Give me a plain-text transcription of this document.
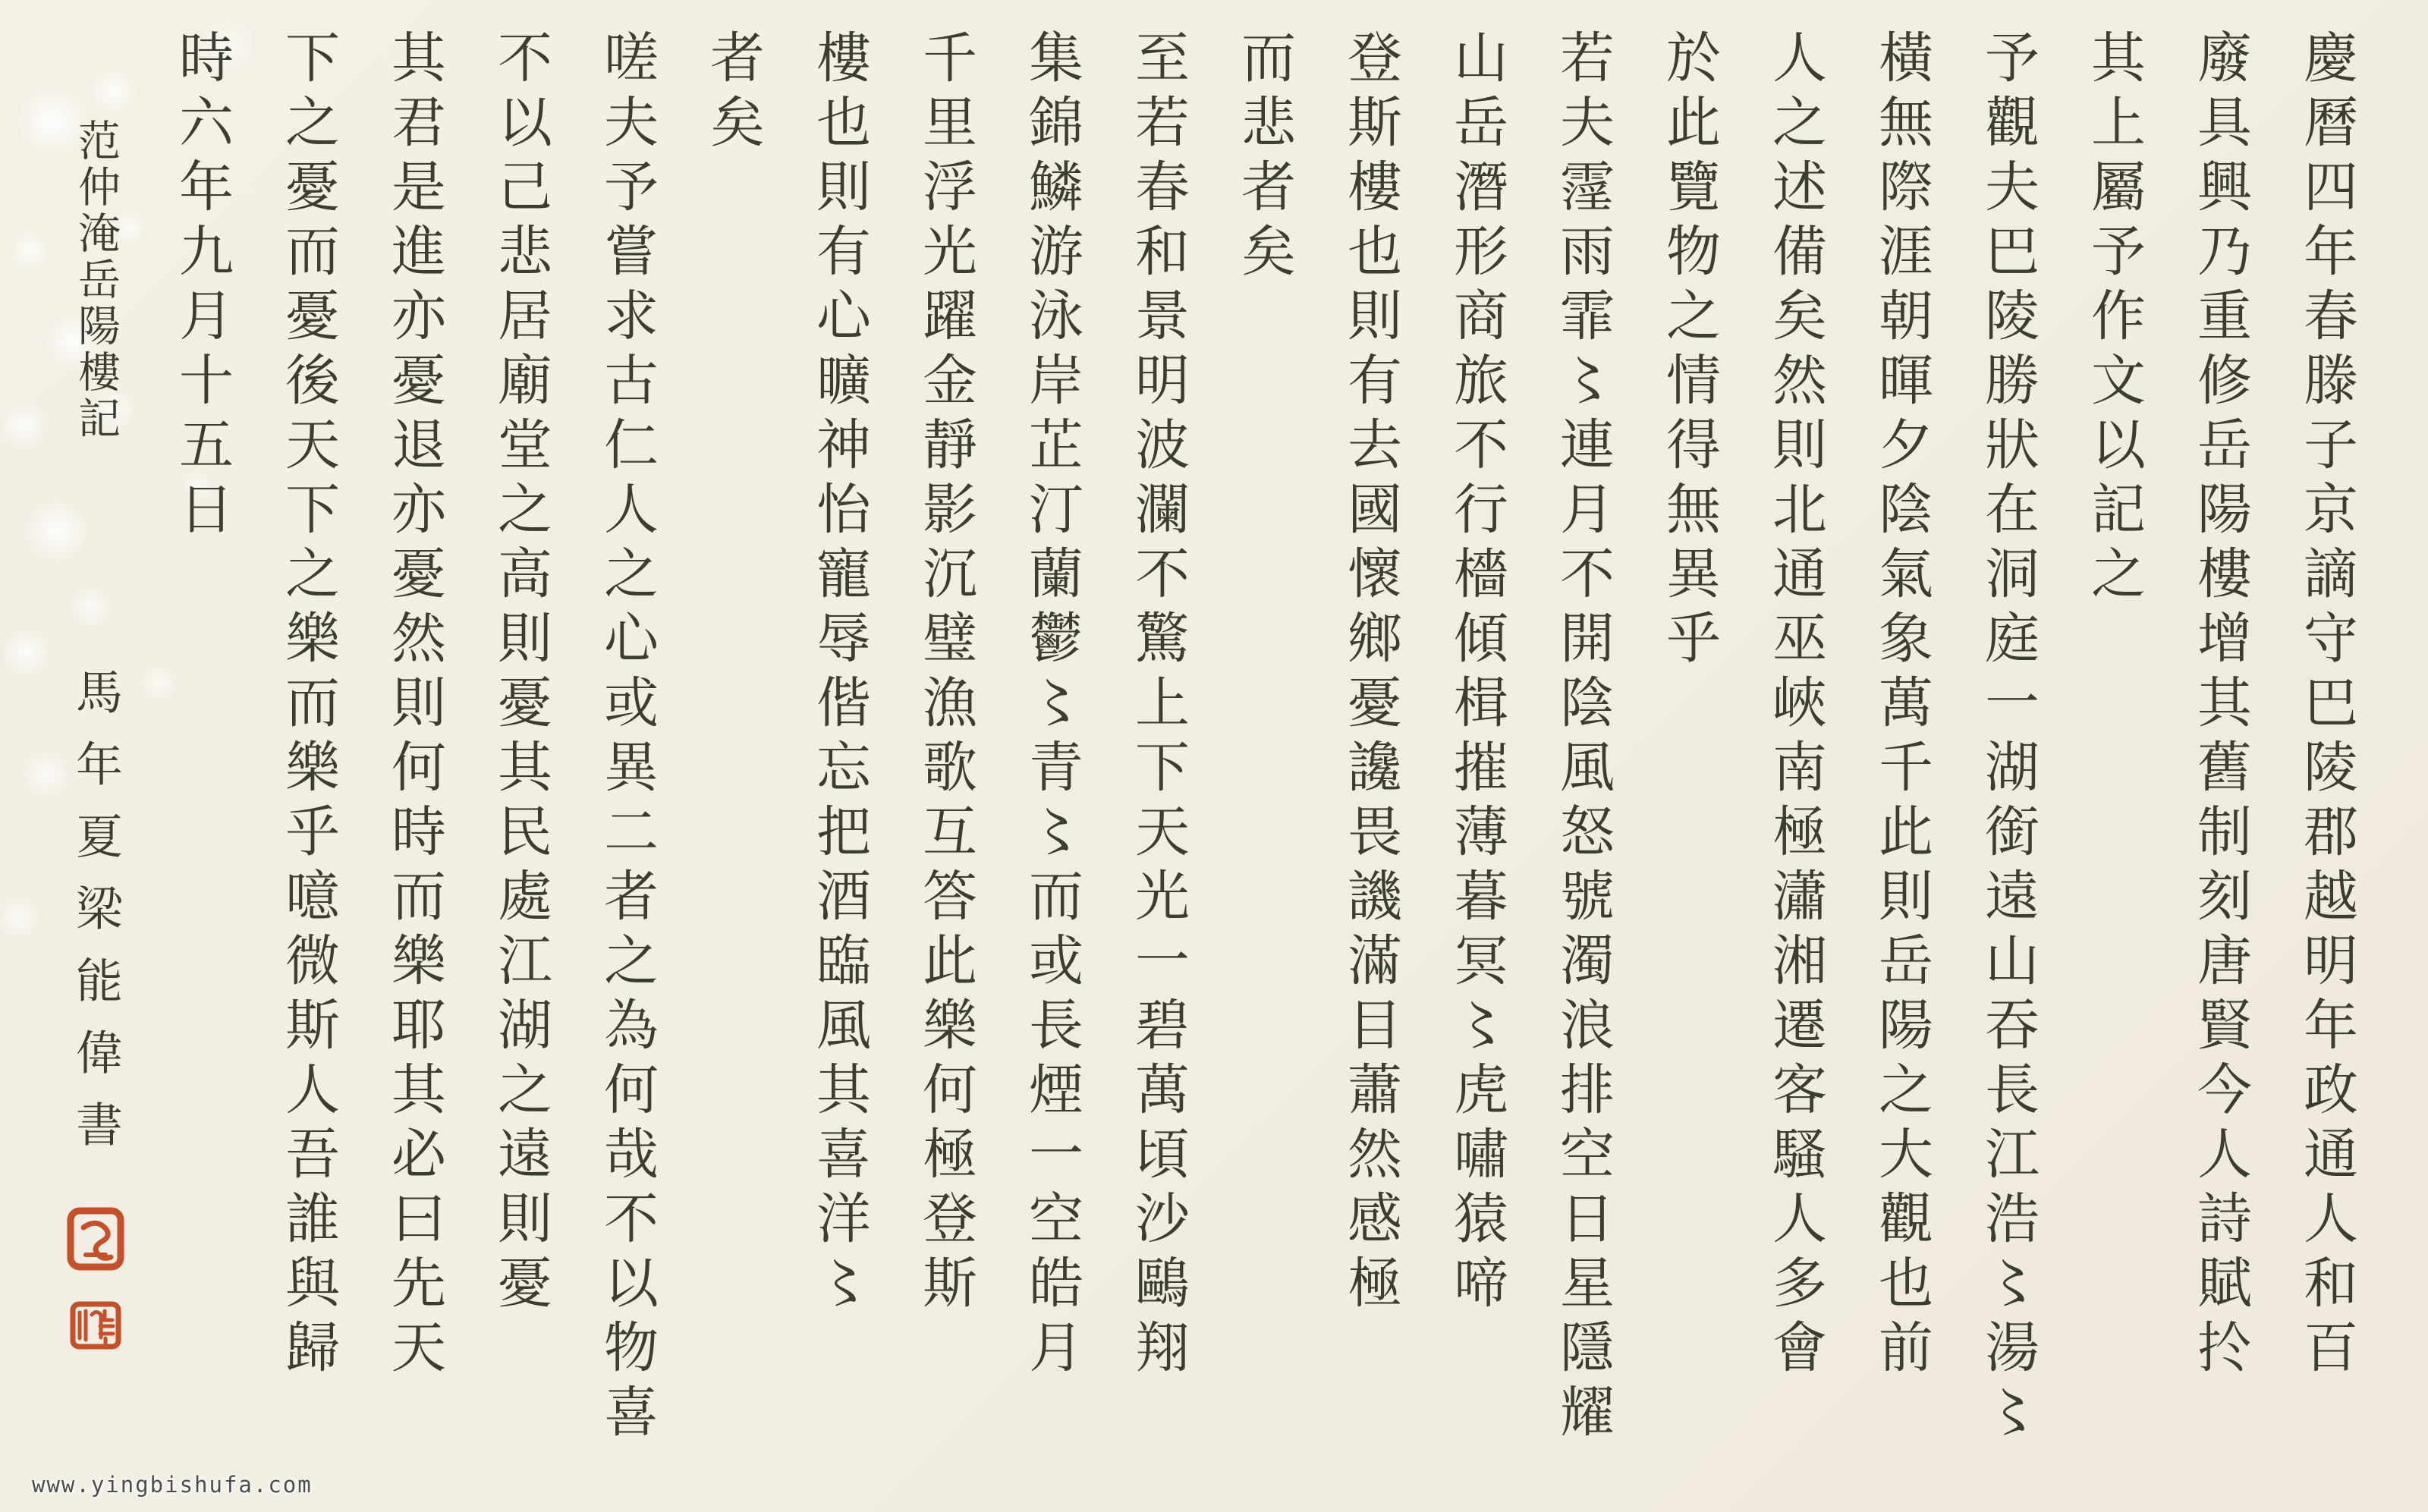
慶曆四年春滕子京謫守巴陵郡越明年政通人和百
廢具興乃重修岳陽樓增其舊制刻唐賢今人詩賦扵
其上屬予作文以記之
予觀夫巴陵勝狀在洞庭一湖銜遠山吞長江浩〻湯〻
橫無際涯朝暉夕陰氣象萬千此則岳陽之大觀也前
人之述備矣然則北通巫峽南極瀟湘遷客騷人多會
於此覽物之情得無異乎
若夫霪雨霏〻連月不開陰風怒號濁浪排空日星隱耀
山岳潛形商旅不行檣傾楫摧薄暮冥〻虎嘯猿啼
登斯樓也則有去國懷鄉憂讒畏譏滿目蕭然感極
而悲者矣
至若春和景明波瀾不驚上下天光一碧萬頃沙鷗翔
集錦鱗游泳岸芷汀蘭鬱〻青〻而或長煙一空皓月
千里浮光躍金靜影沉璧漁歌互答此樂何極登斯
樓也則有心曠神怡寵辱偕忘把酒臨風其喜洋〻
者矣
嗟夫予嘗求古仁人之心或異二者之為何哉不以物喜
不以己悲居廟堂之高則憂其民處江湖之遠則憂
其君是進亦憂退亦憂然則何時而樂耶其必曰先天
下之憂而憂後天下之樂而樂乎噫微斯人吾誰與歸
時六年九月十五日
范仲淹岳陽樓記
馬年夏梁能偉書
www.yingbishufa.com
